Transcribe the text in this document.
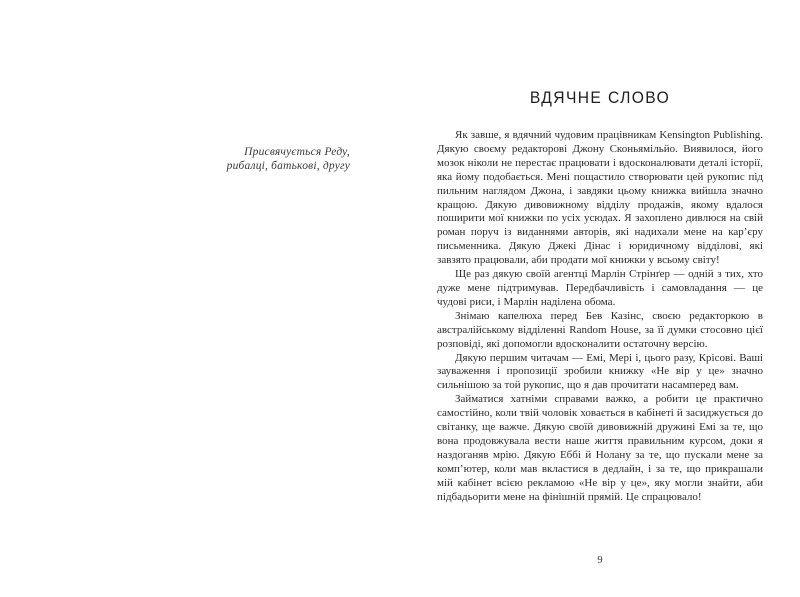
Присвячується Реду,
рибалці, батькові, другу
ВДЯЧНЕ СЛОВО

Як завше, я вдячний чудовим працівникам Kensington Publishing. Дякую своєму редакторові Джону Сконьямільйо. Виявилося, його мозок ніколи не перестає працювати і вдосконалювати деталі історії, яка йому подобається. Мені пощастило створювати цей рукопис під пильним наглядом Джона, і завдяки цьому книжка вийшла значно кращою. Дякую дивовижному відділу продажів, якому вдалося поширити мої книжки по усіх усюдах. Я захоплено дивлюся на свій роман поруч із виданнями авторів, які надихали мене на кар’єру письменника. Дякую Джекі Дінас і юридичному відділові, які завзято працювали, аби продати мої книжки у всьому світу!

Ще раз дякую своїй агентці Марлін Стрінґер — одній з тих, хто дуже мене підтримував. Передбачливість і самовладання — це чудові риси, і Марлін наділена обома.

Знімаю капелюха перед Бев Казінс, своєю редакторкою в австралійському відділенні Random House, за її думки стосовно цієї розповіді, які допомогли вдосконалити остаточну версію.

Дякую першим читачам — Емі, Мері і, цього разу, Крісові. Ваші зауваження і пропозиції зробили книжку «Не вір у це» значно сильнішою за той рукопис, що я дав прочитати насамперед вам.

Займатися хатніми справами важко, а робити це практично самостійно, коли твій чоловік ховається в кабінеті й засиджується до світанку, ще важче. Дякую своїй дивовижній дружині Емі за те, що вона продовжувала вести наше життя правильним курсом, доки я наздоганяв мрію. Дякую Еббі й Нолану за те, що пускали мене за комп’ютер, коли мав вкластися в дедлайн, і за те, що прикрашали мій кабінет всією рекламою «Не вір у це», яку могли знайти, аби підбадьорити мене на фінішній прямій. Це спрацювало!

9
